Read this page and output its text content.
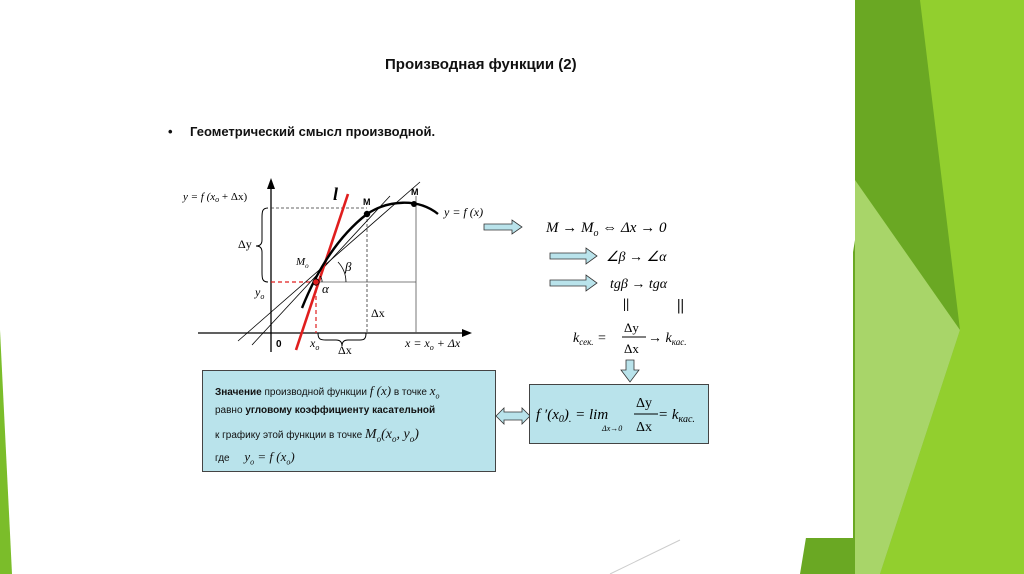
Производная функции (2)
• Геометрический смысл производной.
y = f (xo + Δx)
Δy
$y_o$
$M_o$
α
β
l	M
M
y = f (x)
Δx
0 $x_o$ Δx	$x = x_o + \Delta x$
$M \to M_o$ ⇔ Δx → 0
∠β → ∠α
tgβ → tgα
||	||
$k_{сек.}$ =
Δy
Δx
→ $k_{кас.}$
Значение производной функции f (x) в точке $x_o$
равно угловому коэффициенту касательной
к графику этой функции в точке $M_o(x_o$, $y_o$)
где $y_o = f$ $(x_o)$
f $'(x_0)_. = \lim$
Δx→0
Δy
Δx
= $k_{кас.}$
